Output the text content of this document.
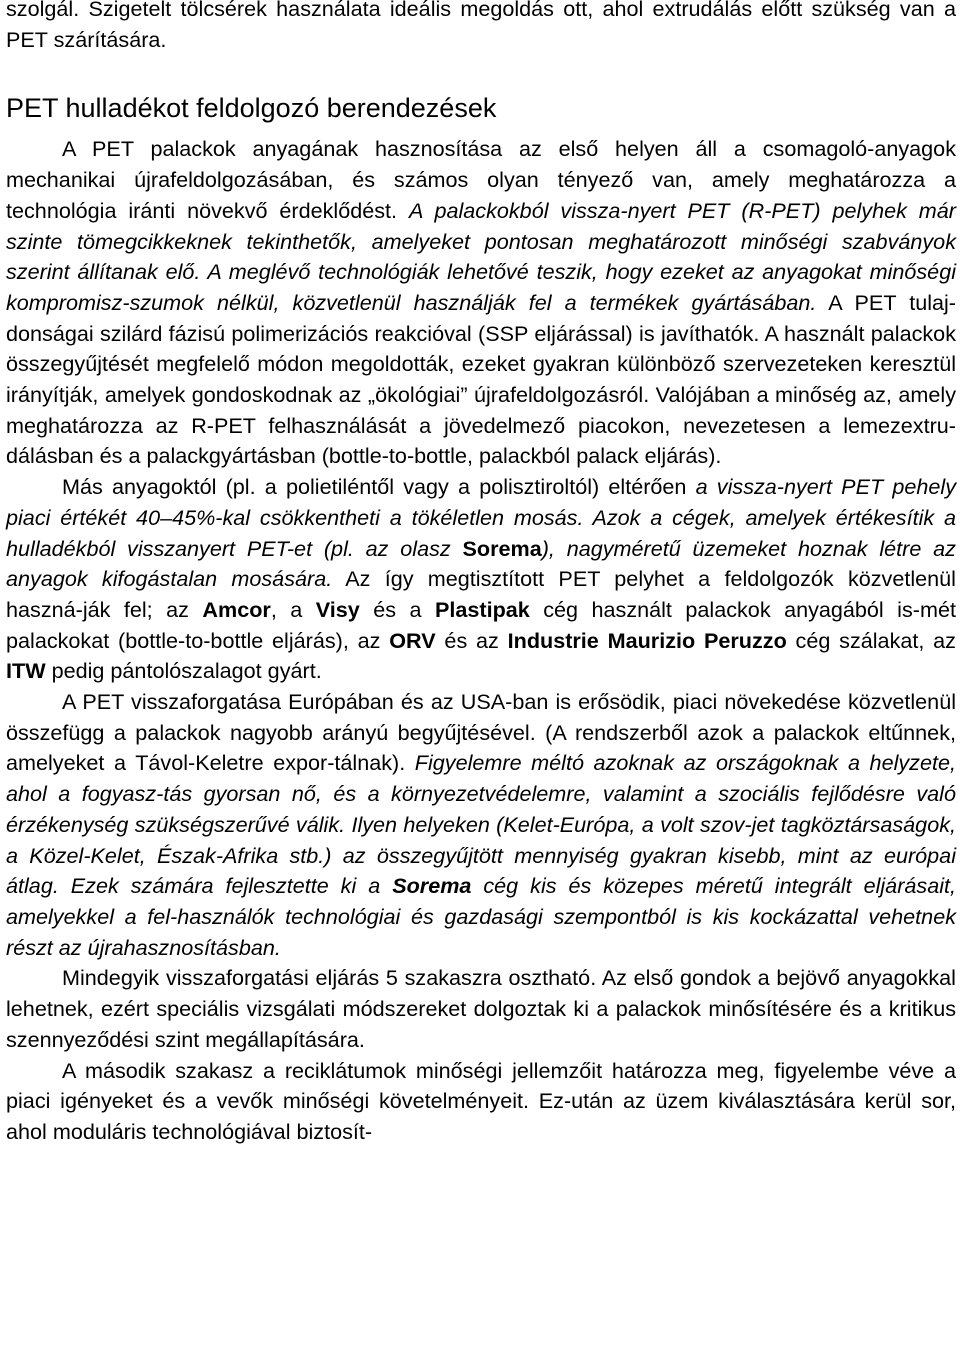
szolgál. Szigetelt tölcsérek használata ideális megoldás ott, ahol extrudálás előtt szükség van a PET szárítására.

PET hulladékot feldolgozó berendezések

A PET palackok anyagának hasznosítása az első helyen áll a csomagoló-anyagok mechanikai újrafeldolgozásában, és számos olyan tényező van, amely meghatározza a technológia iránti növekvő érdeklődést. A palackokból vissza-nyert PET (R-PET) pelyhek már szinte tömegcikkeknek tekinthetők, amelyeket pontosan meghatározott minőségi szabványok szerint állítanak elő. A meglévő technológiák lehetővé teszik, hogy ezeket az anyagokat minőségi kompromisz-szumok nélkül, közvetlenül használják fel a termékek gyártásában. A PET tulaj-donságai szilárd fázisú polimerizációs reakcióval (SSP eljárással) is javíthatók. A használt palackok összegyűjtését megfelelő módon megoldották, ezeket gyakran különböző szervezeteken keresztül irányítják, amelyek gondoskodnak az „ökológiai” újrafeldolgozásról. Valójában a minőség az, amely meghatározza az R-PET felhasználását a jövedelmező piacokon, nevezetesen a lemezextru-dálásban és a palackgyártásban (bottle-to-bottle, palackból palack eljárás).

Más anyagoktól (pl. a polietiléntől vagy a polisztiroltól) eltérően a vissza-nyert PET pehely piaci értékét 40–45%-kal csökkentheti a tökéletlen mosás. Azok a cégek, amelyek értékesítik a hulladékból visszanyert PET-et (pl. az olasz Sorema), nagyméretű üzemeket hoznak létre az anyagok kifogástalan mosására. Az így megtisztított PET pelyhet a feldolgozók közvetlenül haszná-ják fel; az Amcor, a Visy és a Plastipak cég használt palackok anyagából is-mét palackokat (bottle-to-bottle eljárás), az ORV és az Industrie Maurizio Peruzzo cég szálakat, az ITW pedig pántolószalagot gyárt.

A PET visszaforgatása Európában és az USA-ban is erősödik, piaci növekedése közvetlenül összefügg a palackok nagyobb arányú begyűjtésével. (A rendszerből azok a palackok eltűnnek, amelyeket a Távol-Keletre expor-tálnak). Figyelemre méltó azoknak az országoknak a helyzete, ahol a fogyasz-tás gyorsan nő, és a környezetvédelemre, valamint a szociális fejlődésre való érzékenység szükségszerűvé válik. Ilyen helyeken (Kelet-Európa, a volt szov-jet tagköztársaságok, a Közel-Kelet, Észak-Afrika stb.) az összegyűjtött mennyiség gyakran kisebb, mint az európai átlag. Ezek számára fejlesztette ki a Sorema cég kis és közepes méretű integrált eljárásait, amelyekkel a fel-használók technológiai és gazdasági szempontból is kis kockázattal vehetnek részt az újrahasznosításban.

Mindegyik visszaforgatási eljárás 5 szakaszra osztható. Az első gondok a bejövő anyagokkal lehetnek, ezért speciális vizsgálati módszereket dolgoztak ki a palackok minősítésére és a kritikus szennyeződési szint megállapítására.

A második szakasz a reciklátumok minőségi jellemzőit határozza meg, figyelembe véve a piaci igényeket és a vevők minőségi követelményeit. Ez-után az üzem kiválasztására kerül sor, ahol moduláris technológiával biztosít-
